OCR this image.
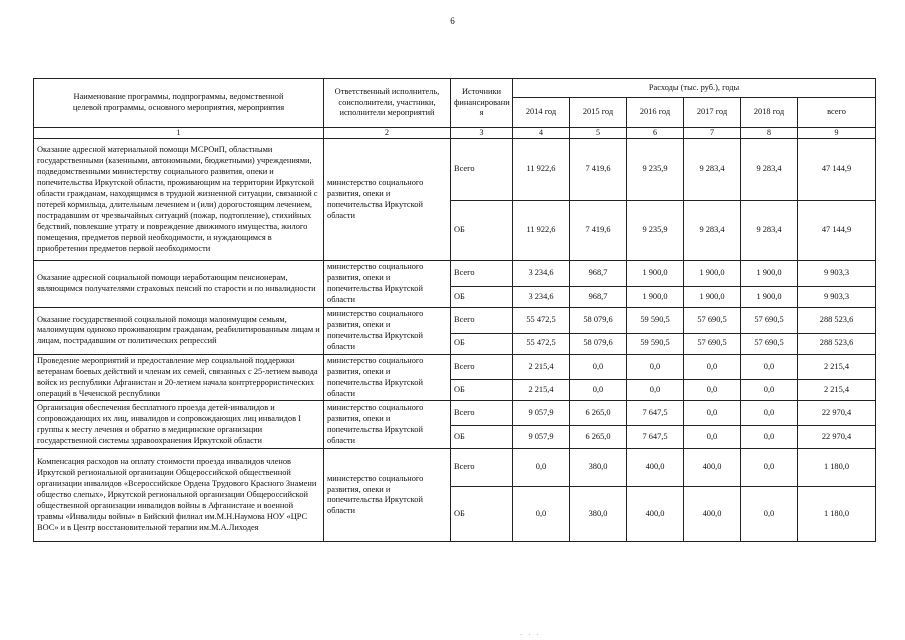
6
Наименование программы, подпрограммы, ведомственной целевой программы, основного мероприятия, мероприятия	Ответственный исполнитель, соисполнители, участники, исполнители мероприятий	Источники финансировани я	Расходы (тыс. руб.), годы					
			2014 год	2015 год	2016 год	2017 год	2018 год	всего
1	2	3	4	5	6	7	8	9
Оказание адресной материальной помощи МСРОиП, областными государственными (казенными, автономными, бюджетными) учреждениями, подведомственными министерству социального развития, опеки и попечительства Иркутской области, проживающим на территории Иркутской области гражданам, находящимся в трудной жизненной ситуации, связанной с потерей кормильца, длительным лечением и (или) дорогостоящим лечением, пострадавшим от чрезвычайных ситуаций (пожар, подтопление), стихийных бедствий, повлекшие утрату и повреждение движимого имущества, жилого помещения, предметов первой необходимости, и нуждающимся в приобретении предметов первой необходимости	министерство социального развития, опеки и попечительства Иркутской области	Всего	11 922,6	7 419,6	9 235,9	9 283,4	9 283,4	47 144,9
		ОБ	11 922,6	7 419,6	9 235,9	9 283,4	9 283,4	47 144,9
Оказание адресной социальной помощи неработающим пенсионерам, являющимся получателями страховых пенсий по старости и по инвалидности	министерство социального развития, опеки и попечительства Иркутской области	Всего	3 234,6	968,7	1 900,0	1 900,0	1 900,0	9 903,3
		ОБ	3 234,6	968,7	1 900,0	1 900,0	1 900,0	9 903,3
Оказание государственной социальной помощи малоимущим семьям, малоимущим одиноко проживающим гражданам, реабилитированным лицам и лицам, пострадавшим от политических репрессий	министерство социального развития, опеки и попечительства Иркутской области	Всего	55 472,5	58 079,6	59 590,5	57 690,5	57 690,5	288 523,6
		ОБ	55 472,5	58 079,6	59 590,5	57 690,5	57 690,5	288 523,6
Проведение мероприятий и предоставление мер социальной поддержки ветеранам боевых действий и членам их семей, связанных с 25-летием вывода войск из республики Афганистан и 20-летием начала контртеррористических операций в Чеченской республики	министерство социального развития, опеки и попечительства Иркутской области	Всего	2 215,4	0,0	0,0	0,0	0,0	2 215,4
		ОБ	2 215,4	0,0	0,0	0,0	0,0	2 215,4
Организация обеспечения бесплатного проезда детей-инвалидов и сопровождающих их лиц, инвалидов и сопровождающих лиц инвалидов I группы к месту лечения и обратно в медицинские организации государственной системы здравоохранения Иркутской области	министерство социального развития, опеки и попечительства Иркутской области	Всего	9 057,9	6 265,0	7 647,5	0,0	0,0	22 970,4
		ОБ	9 057,9	6 265,0	7 647,5	0,0	0,0	22 970,4
Компенсация расходов на оплату стоимости проезда инвалидов членов Иркутской региональной организации Общероссийской общественной организации инвалидов «Всероссийское Ордена Трудового Красного Знамени общество слепых», Иркутской региональной организации Общероссийской общественной организации инвалидов войны в Афганистане и военной травмы «Инвалиды войны» в Бийский филиал им.М.Н.Наумова НОУ «ЦРС ВОС» и в Центр восстановительной терапии им.М.А.Лиходея	министерство социального развития, опеки и попечительства Иркутской области	Всего	0,0	380,0	400,0	400,0	0,0	1 180,0
		ОБ	0,0	380,0	400,0	400,0	0,0	1 180,0
· · ·
